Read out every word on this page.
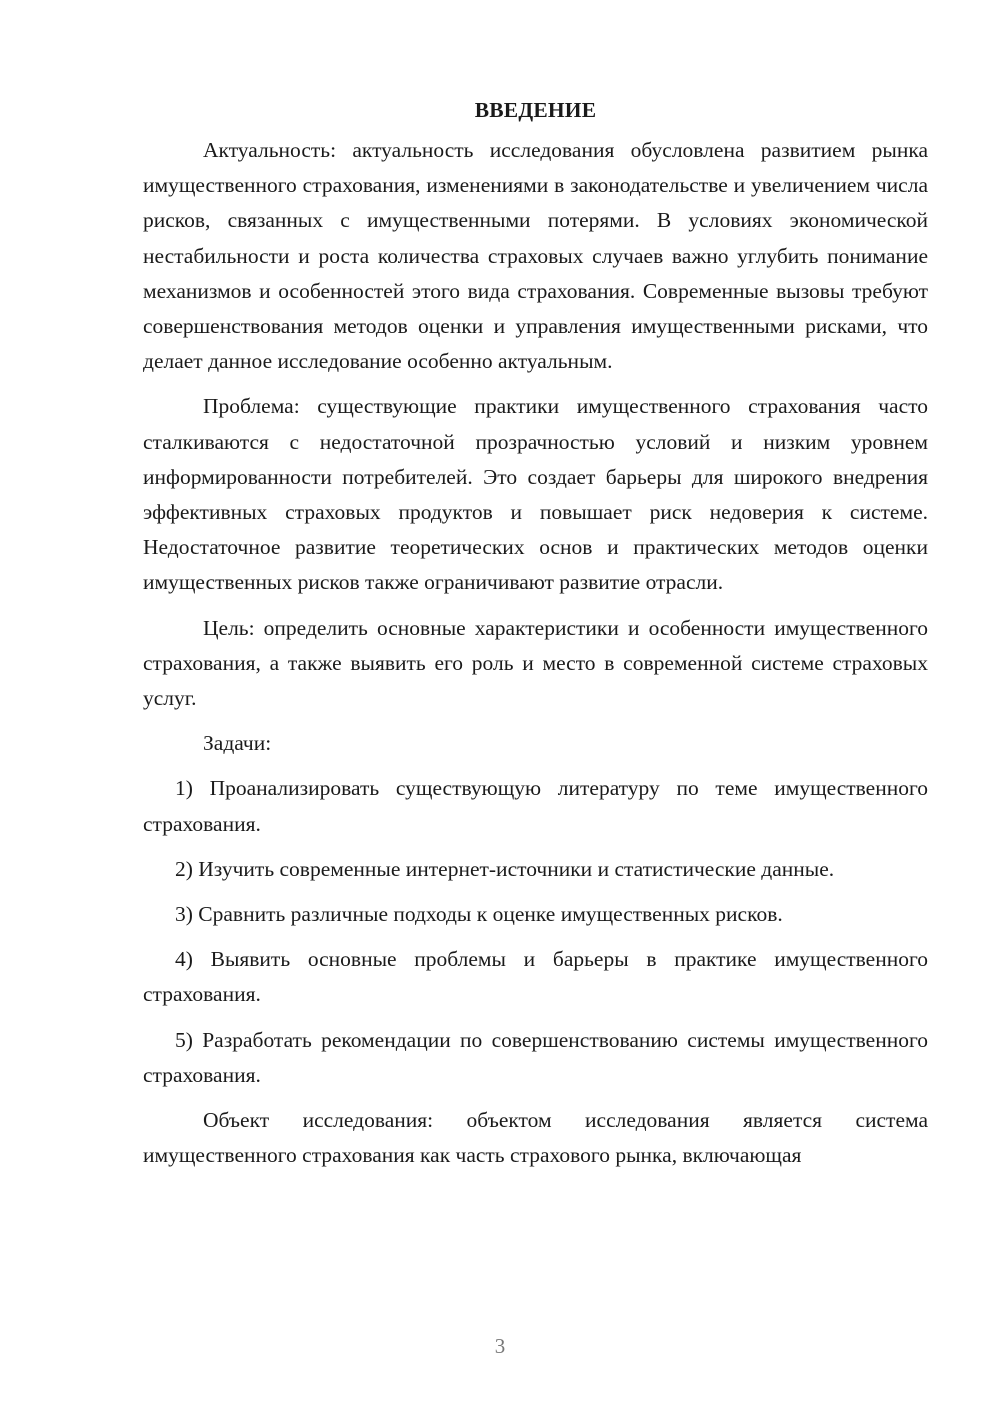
ВВЕДЕНИЕ

Актуальность: актуальность исследования обусловлена развитием рынка имущественного страхования, изменениями в законодательстве и увеличением числа рисков, связанных с имущественными потерями. В условиях экономической нестабильности и роста количества страховых случаев важно углубить понимание механизмов и особенностей этого вида страхования. Современные вызовы требуют совершенствования методов оценки и управления имущественными рисками, что делает данное исследование особенно актуальным.

Проблема: существующие практики имущественного страхования часто сталкиваются с недостаточной прозрачностью условий и низким уровнем информированности потребителей. Это создает барьеры для широкого внедрения эффективных страховых продуктов и повышает риск недоверия к системе. Недостаточное развитие теоретических основ и практических методов оценки имущественных рисков также ограничивают развитие отрасли.

Цель: определить основные характеристики и особенности имущественного страхования, а также выявить его роль и место в современной системе страховых услуг.

Задачи:

1) Проанализировать существующую литературу по теме имущественного страхования.

2) Изучить современные интернет-источники и статистические данные.

3) Сравнить различные подходы к оценке имущественных рисков.

4) Выявить основные проблемы и барьеры в практике имущественного страхования.

5) Разработать рекомендации по совершенствованию системы имущественного страхования.

Объект исследования: объектом исследования является система имущественного страхования как часть страхового рынка, включающая

3
